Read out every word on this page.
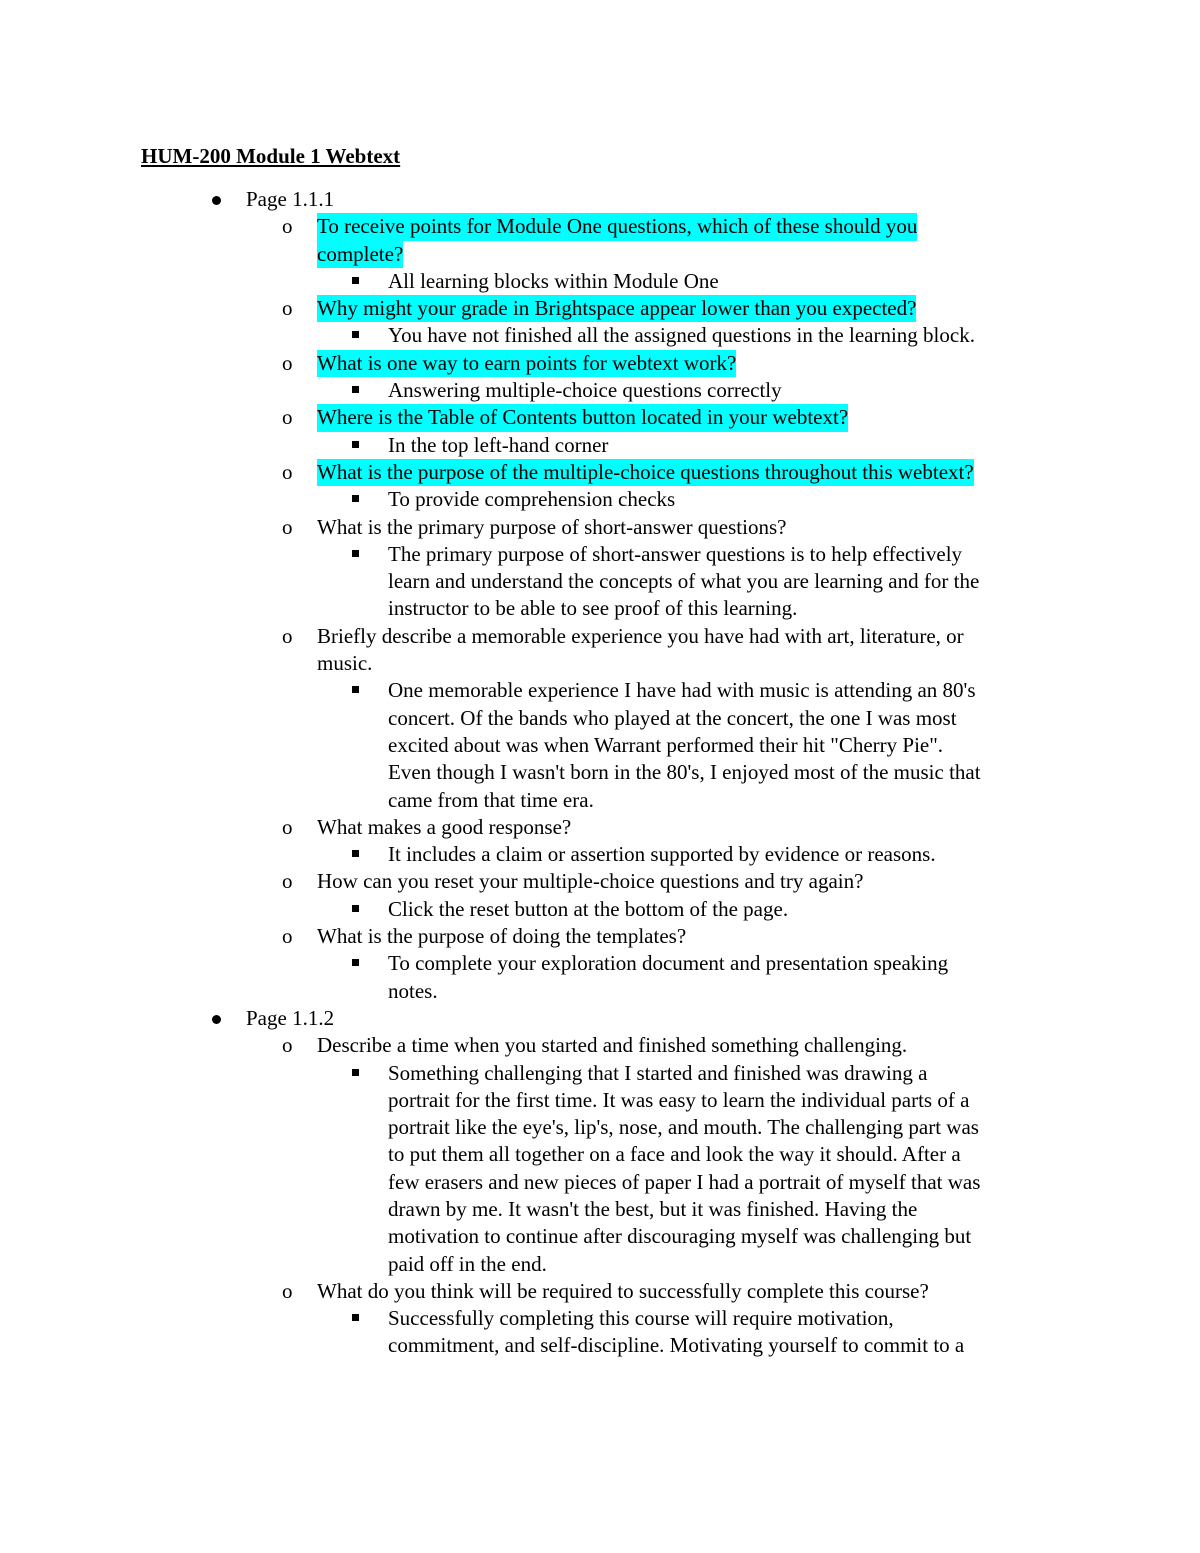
HUM-200 Module 1 Webtext
Page 1.1.1
o To receive points for Module One questions, which of these should you
complete?
All learning blocks within Module One
o Why might your grade in Brightspace appear lower than you expected?
You have not finished all the assigned questions in the learning block.
o What is one way to earn points for webtext work?
Answering multiple-choice questions correctly
o Where is the Table of Contents button located in your webtext?
In the top left-hand corner
o What is the purpose of the multiple-choice questions throughout this webtext?
To provide comprehension checks
o What is the primary purpose of short-answer questions?
The primary purpose of short-answer questions is to help effectively
learn and understand the concepts of what you are learning and for the
instructor to be able to see proof of this learning.
o Briefly describe a memorable experience you have had with art, literature, or
music.
One memorable experience I have had with music is attending an 80's
concert. Of the bands who played at the concert, the one I was most
excited about was when Warrant performed their hit "Cherry Pie".
Even though I wasn't born in the 80's, I enjoyed most of the music that
came from that time era.
o What makes a good response?
It includes a claim or assertion supported by evidence or reasons.
o How can you reset your multiple-choice questions and try again?
Click the reset button at the bottom of the page.
o What is the purpose of doing the templates?
To complete your exploration document and presentation speaking
notes.
Page 1.1.2
o Describe a time when you started and finished something challenging.
Something challenging that I started and finished was drawing a
portrait for the first time. It was easy to learn the individual parts of a
portrait like the eye's, lip's, nose, and mouth. The challenging part was
to put them all together on a face and look the way it should. After a
few erasers and new pieces of paper I had a portrait of myself that was
drawn by me. It wasn't the best, but it was finished. Having the
motivation to continue after discouraging myself was challenging but
paid off in the end.
o What do you think will be required to successfully complete this course?
Successfully completing this course will require motivation,
commitment, and self-discipline. Motivating yourself to commit to a
